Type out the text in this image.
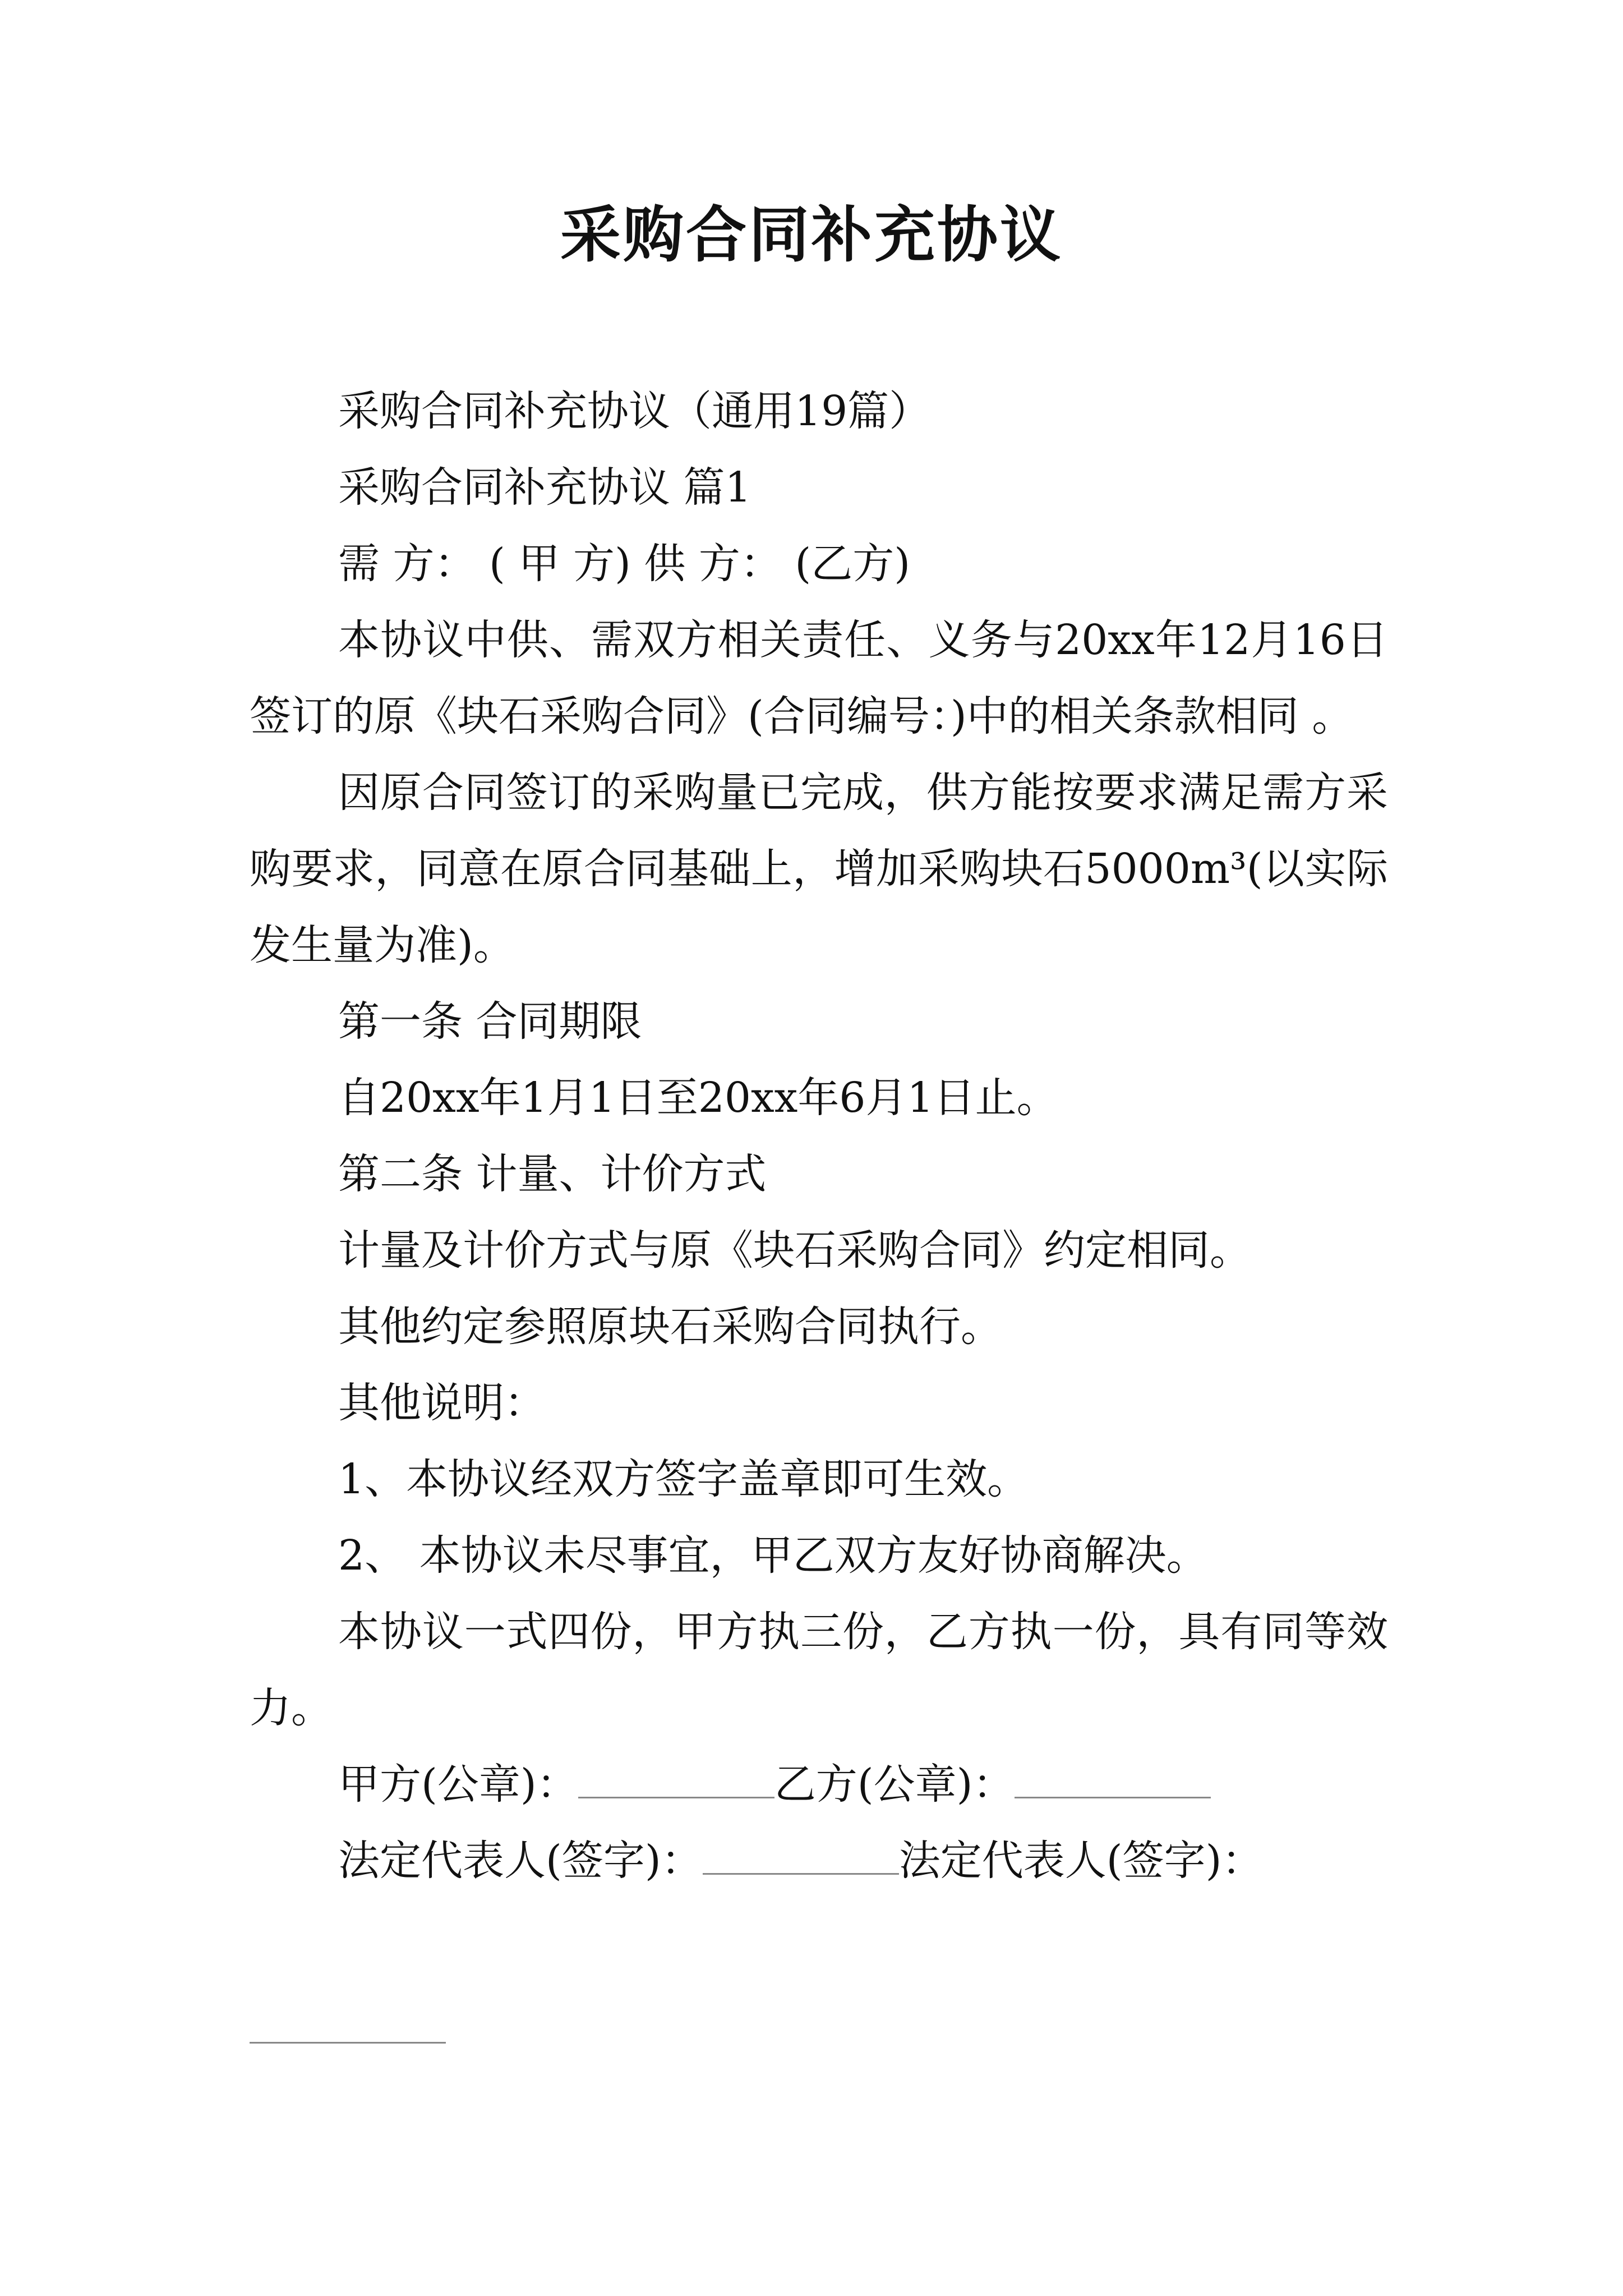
采购合同补充协议

采购合同补充协议（通用19篇）

采购合同补充协议 篇1

需 方： ( 甲 方) 供 方： (乙方)

本协议中供、需双方相关责任、义务与20xx年12月16日签订的原《块石采购合同》(合同编号：)中的相关条款相同 。

因原合同签订的采购量已完成，供方能按要求满足需方采购要求，同意在原合同基础上，增加采购块石5000m³(以实际发生量为准)。

第一条 合同期限

自20xx年1月1日至20xx年6月1日止。

第二条 计量、计价方式

计量及计价方式与原《块石采购合同》约定相同。

其他约定参照原块石采购合同执行。

其他说明：

1、本协议经双方签字盖章即可生效。

2、 本协议未尽事宜，甲乙双方友好协商解决。

本协议一式四份，甲方执三份，乙方执一份，具有同等效力。

甲方(公章)：	乙方(公章)：

法定代表人(签字)：	法定代表人(签字)：
